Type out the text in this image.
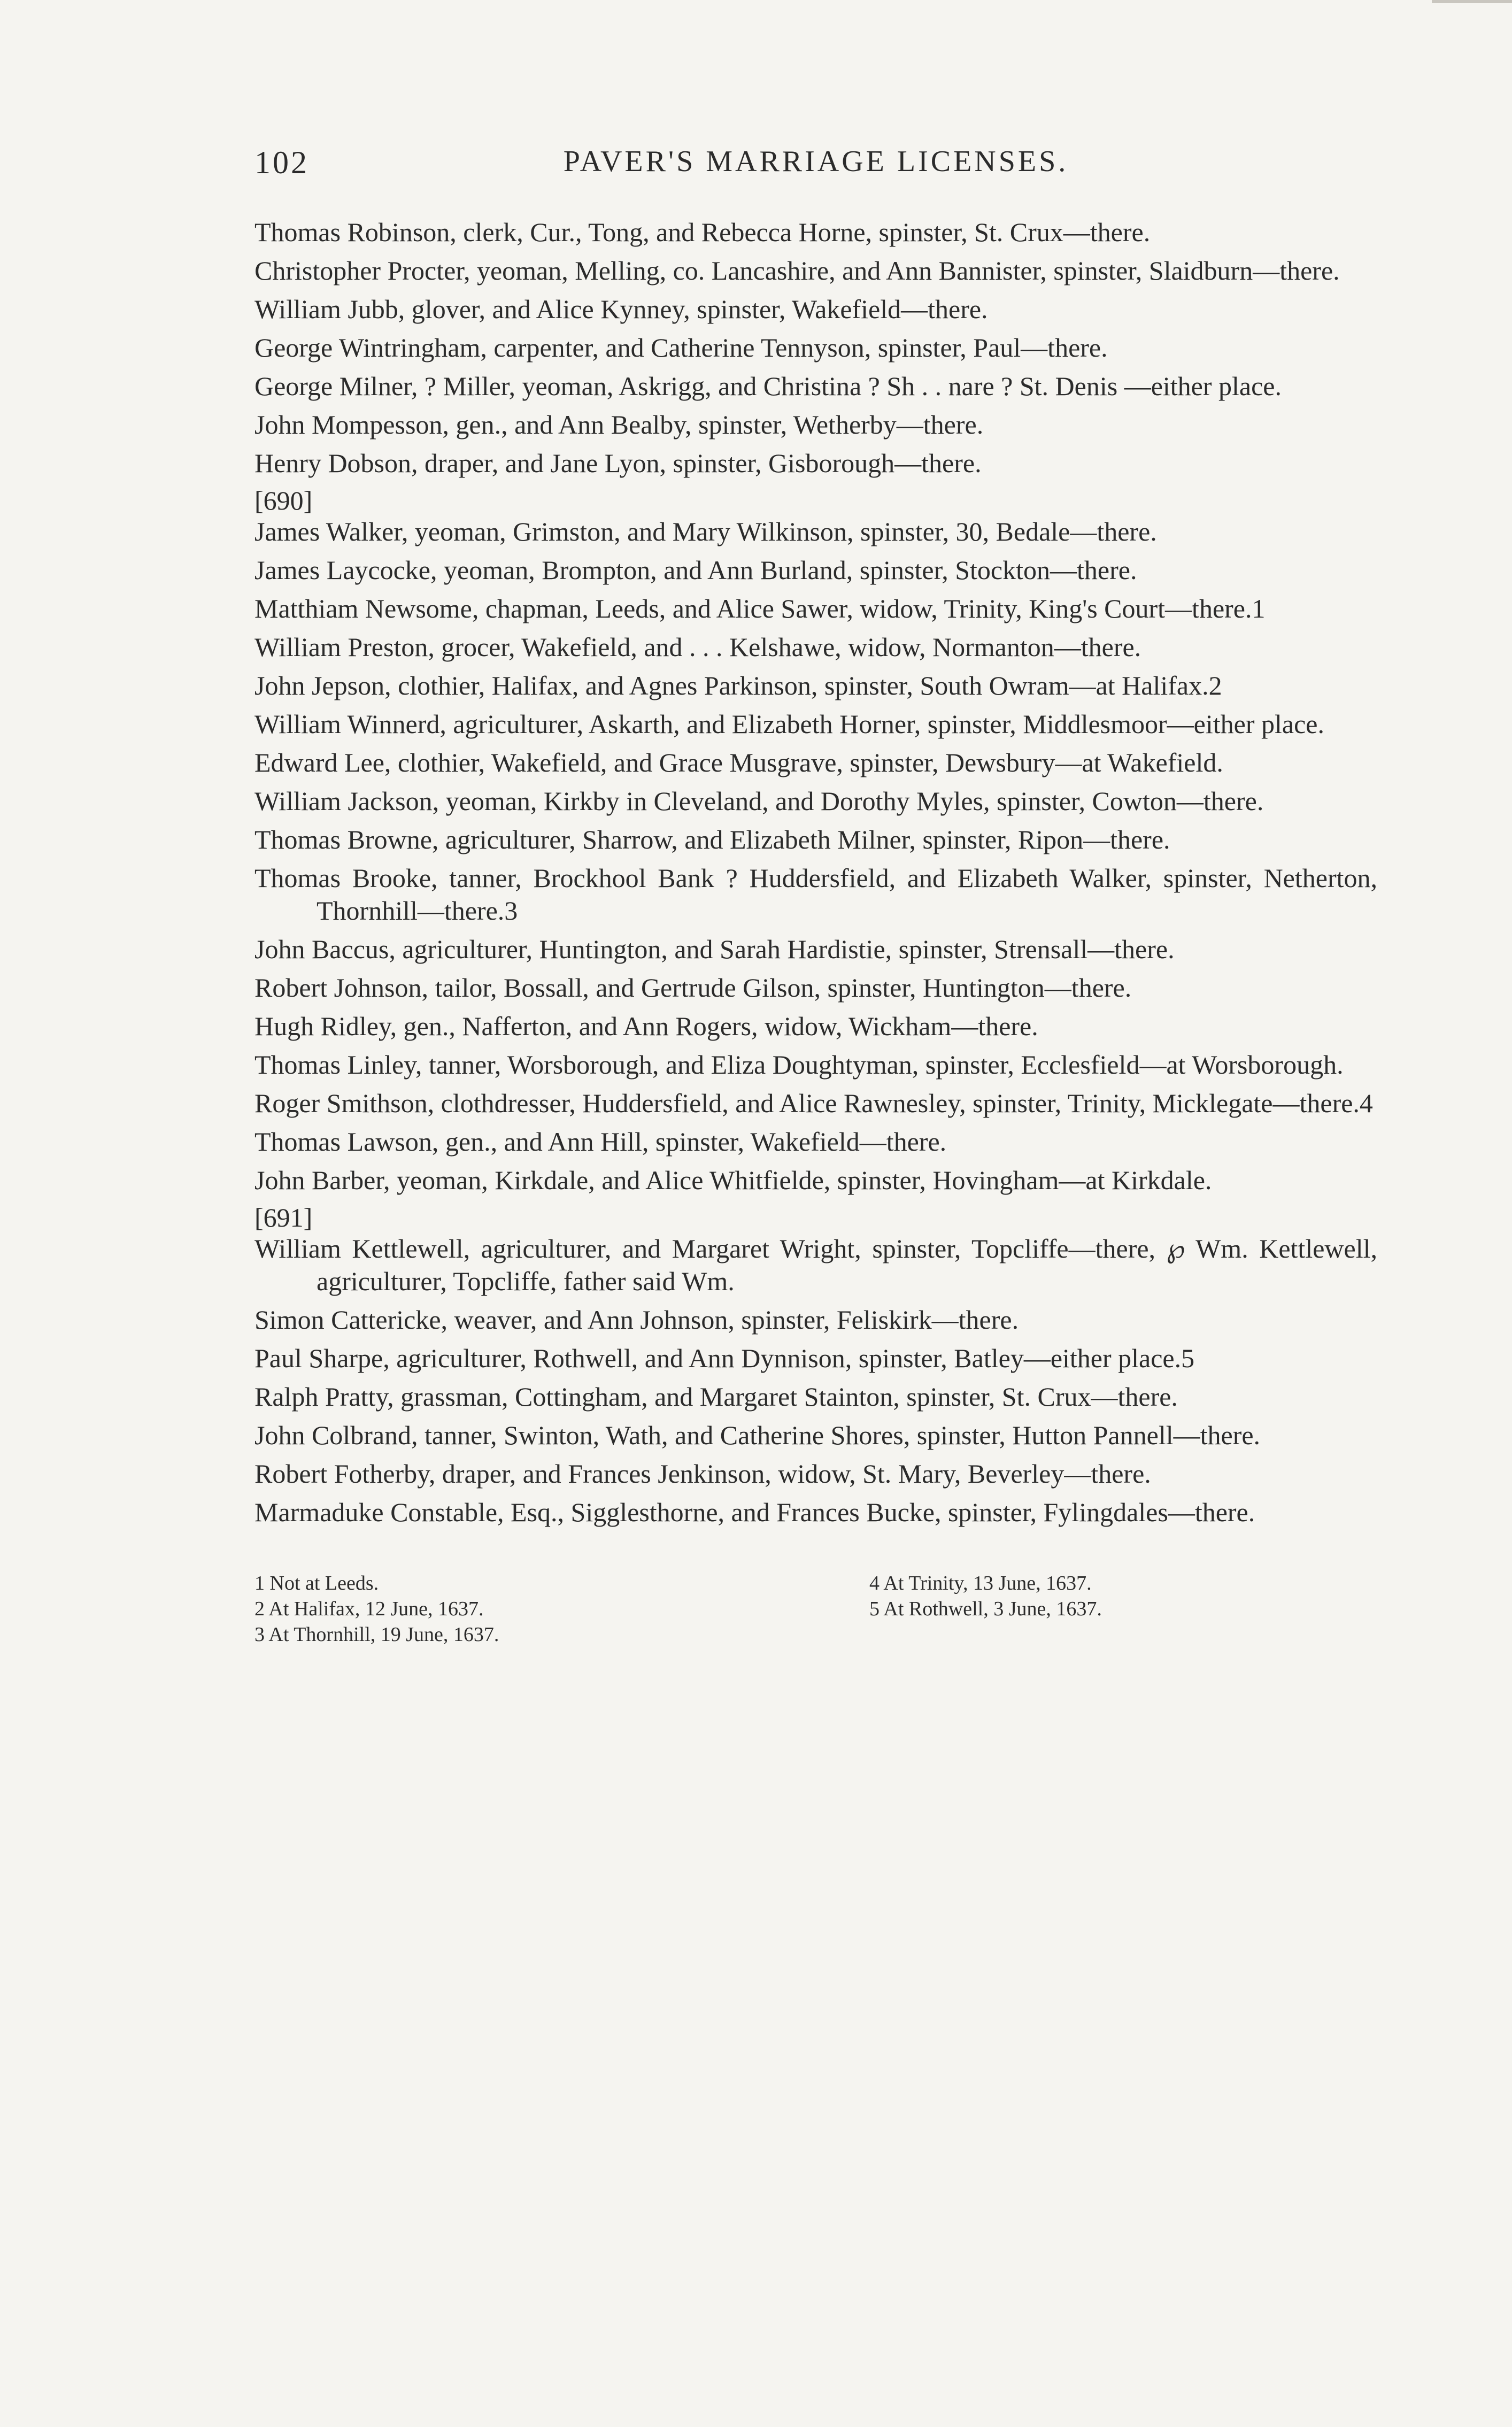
102	PAVER'S MARRIAGE LICENSES.
Thomas Robinson, clerk, Cur., Tong, and Rebecca Horne, spinster, St. Crux—there.
Christopher Procter, yeoman, Melling, co. Lancashire, and Ann Bannister, spinster, Slaidburn—there.
William Jubb, glover, and Alice Kynney, spinster, Wakefield—there.
George Wintringham, carpenter, and Catherine Tennyson, spinster, Paul—there.
George Milner, ? Miller, yeoman, Askrigg, and Christina ? Sh . . nare ? St. Denis —either place.
John Mompesson, gen., and Ann Bealby, spinster, Wetherby—there.
Henry Dobson, draper, and Jane Lyon, spinster, Gisborough—there.
[690]
James Walker, yeoman, Grimston, and Mary Wilkinson, spinster, 30, Bedale—there.
James Laycocke, yeoman, Brompton, and Ann Burland, spinster, Stockton—there.
Matthiam Newsome, chapman, Leeds, and Alice Sawer, widow, Trinity, King's Court—there.1
William Preston, grocer, Wakefield, and . . . Kelshawe, widow, Normanton—there.
John Jepson, clothier, Halifax, and Agnes Parkinson, spinster, South Owram—at Halifax.2
William Winnerd, agriculturer, Askarth, and Elizabeth Horner, spinster, Middlesmoor—either place.
Edward Lee, clothier, Wakefield, and Grace Musgrave, spinster, Dewsbury—at Wakefield.
William Jackson, yeoman, Kirkby in Cleveland, and Dorothy Myles, spinster, Cowton—there.
Thomas Browne, agriculturer, Sharrow, and Elizabeth Milner, spinster, Ripon—there.
Thomas Brooke, tanner, Brockhool Bank ? Huddersfield, and Elizabeth Walker, spinster, Netherton, Thornhill—there.3
John Baccus, agriculturer, Huntington, and Sarah Hardistie, spinster, Strensall—there.
Robert Johnson, tailor, Bossall, and Gertrude Gilson, spinster, Huntington—there.
Hugh Ridley, gen., Nafferton, and Ann Rogers, widow, Wickham—there.
Thomas Linley, tanner, Worsborough, and Eliza Doughtyman, spinster, Ecclesfield—at Worsborough.
Roger Smithson, clothdresser, Huddersfield, and Alice Rawnesley, spinster, Trinity, Micklegate—there.4
Thomas Lawson, gen., and Ann Hill, spinster, Wakefield—there.
John Barber, yeoman, Kirkdale, and Alice Whitfielde, spinster, Hovingham—at Kirkdale.
[691]
William Kettlewell, agriculturer, and Margaret Wright, spinster, Topcliffe—there, ℘ Wm. Kettlewell, agriculturer, Topcliffe, father said Wm.
Simon Cattericke, weaver, and Ann Johnson, spinster, Feliskirk—there.
Paul Sharpe, agriculturer, Rothwell, and Ann Dynnison, spinster, Batley—either place.5
Ralph Pratty, grassman, Cottingham, and Margaret Stainton, spinster, St. Crux—there.
John Colbrand, tanner, Swinton, Wath, and Catherine Shores, spinster, Hutton Pannell—there.
Robert Fotherby, draper, and Frances Jenkinson, widow, St. Mary, Beverley—there.
Marmaduke Constable, Esq., Sigglesthorne, and Frances Bucke, spinster, Fylingdales—there.
1 Not at Leeds.
2 At Halifax, 12 June, 1637.
3 At Thornhill, 19 June, 1637.
4 At Trinity, 13 June, 1637.
5 At Rothwell, 3 June, 1637.
